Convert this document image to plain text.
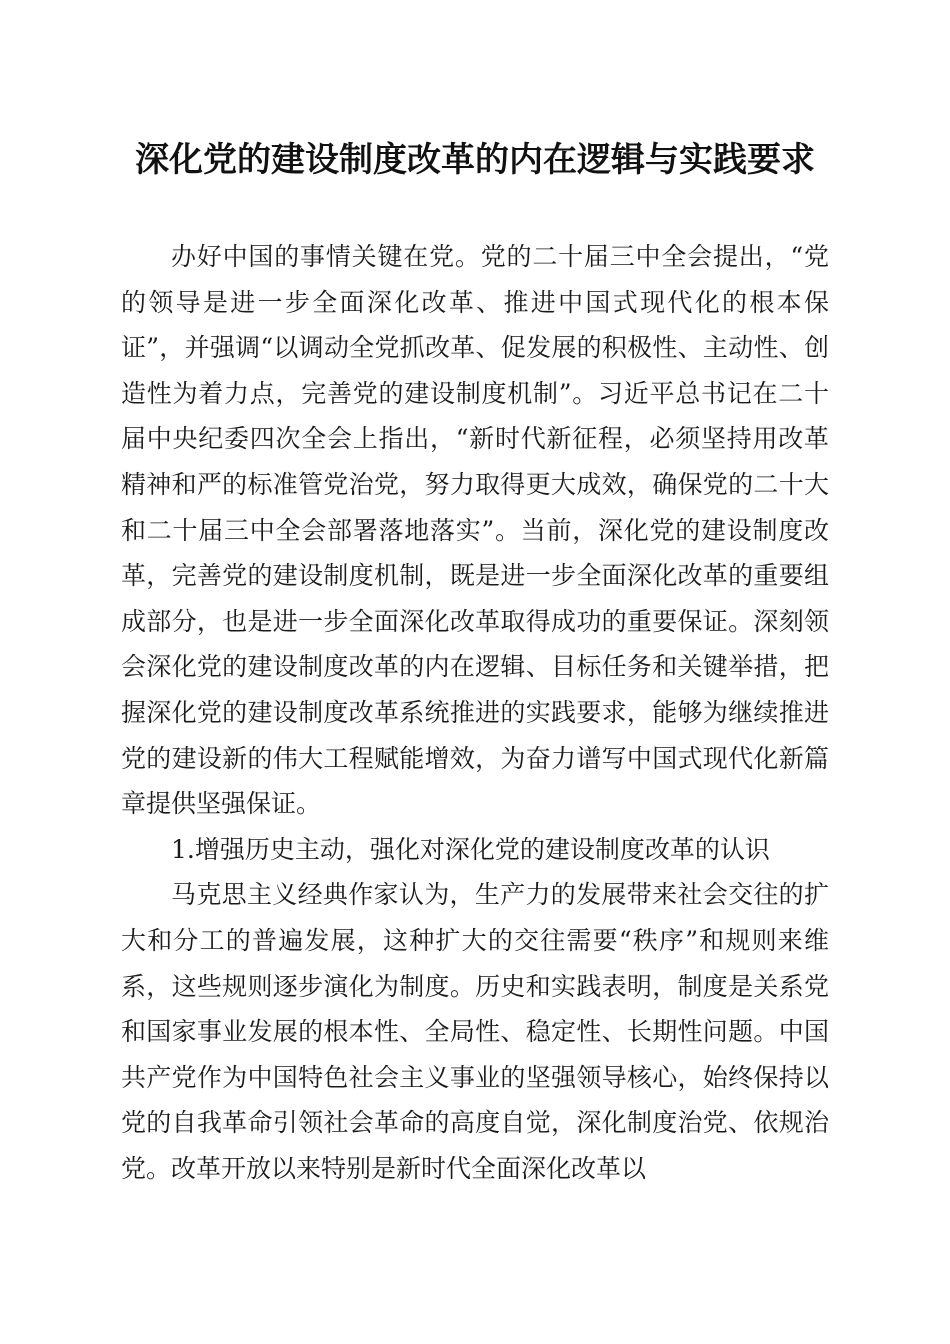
深化党的建设制度改革的内在逻辑与实践要求

办好中国的事情关键在党。党的二十届三中全会提出，“党的领导是进一步全面深化改革、推进中国式现代化的根本保证”，并强调“以调动全党抓改革、促发展的积极性、主动性、创造性为着力点，完善党的建设制度机制”。习近平总书记在二十届中央纪委四次全会上指出，“新时代新征程，必须坚持用改革精神和严的标准管党治党，努力取得更大成效，确保党的二十大和二十届三中全会部署落地落实”。当前，深化党的建设制度改革，完善党的建设制度机制，既是进一步全面深化改革的重要组成部分，也是进一步全面深化改革取得成功的重要保证。深刻领会深化党的建设制度改革的内在逻辑、目标任务和关键举措，把握深化党的建设制度改革系统推进的实践要求，能够为继续推进党的建设新的伟大工程赋能增效，为奋力谱写中国式现代化新篇章提供坚强保证。

1.增强历史主动，强化对深化党的建设制度改革的认识

马克思主义经典作家认为，生产力的发展带来社会交往的扩大和分工的普遍发展，这种扩大的交往需要“秩序”和规则来维系，这些规则逐步演化为制度。历史和实践表明，制度是关系党和国家事业发展的根本性、全局性、稳定性、长期性问题。中国共产党作为中国特色社会主义事业的坚强领导核心，始终保持以党的自我革命引领社会革命的高度自觉，深化制度治党、依规治党。改革开放以来特别是新时代全面深化改革以
